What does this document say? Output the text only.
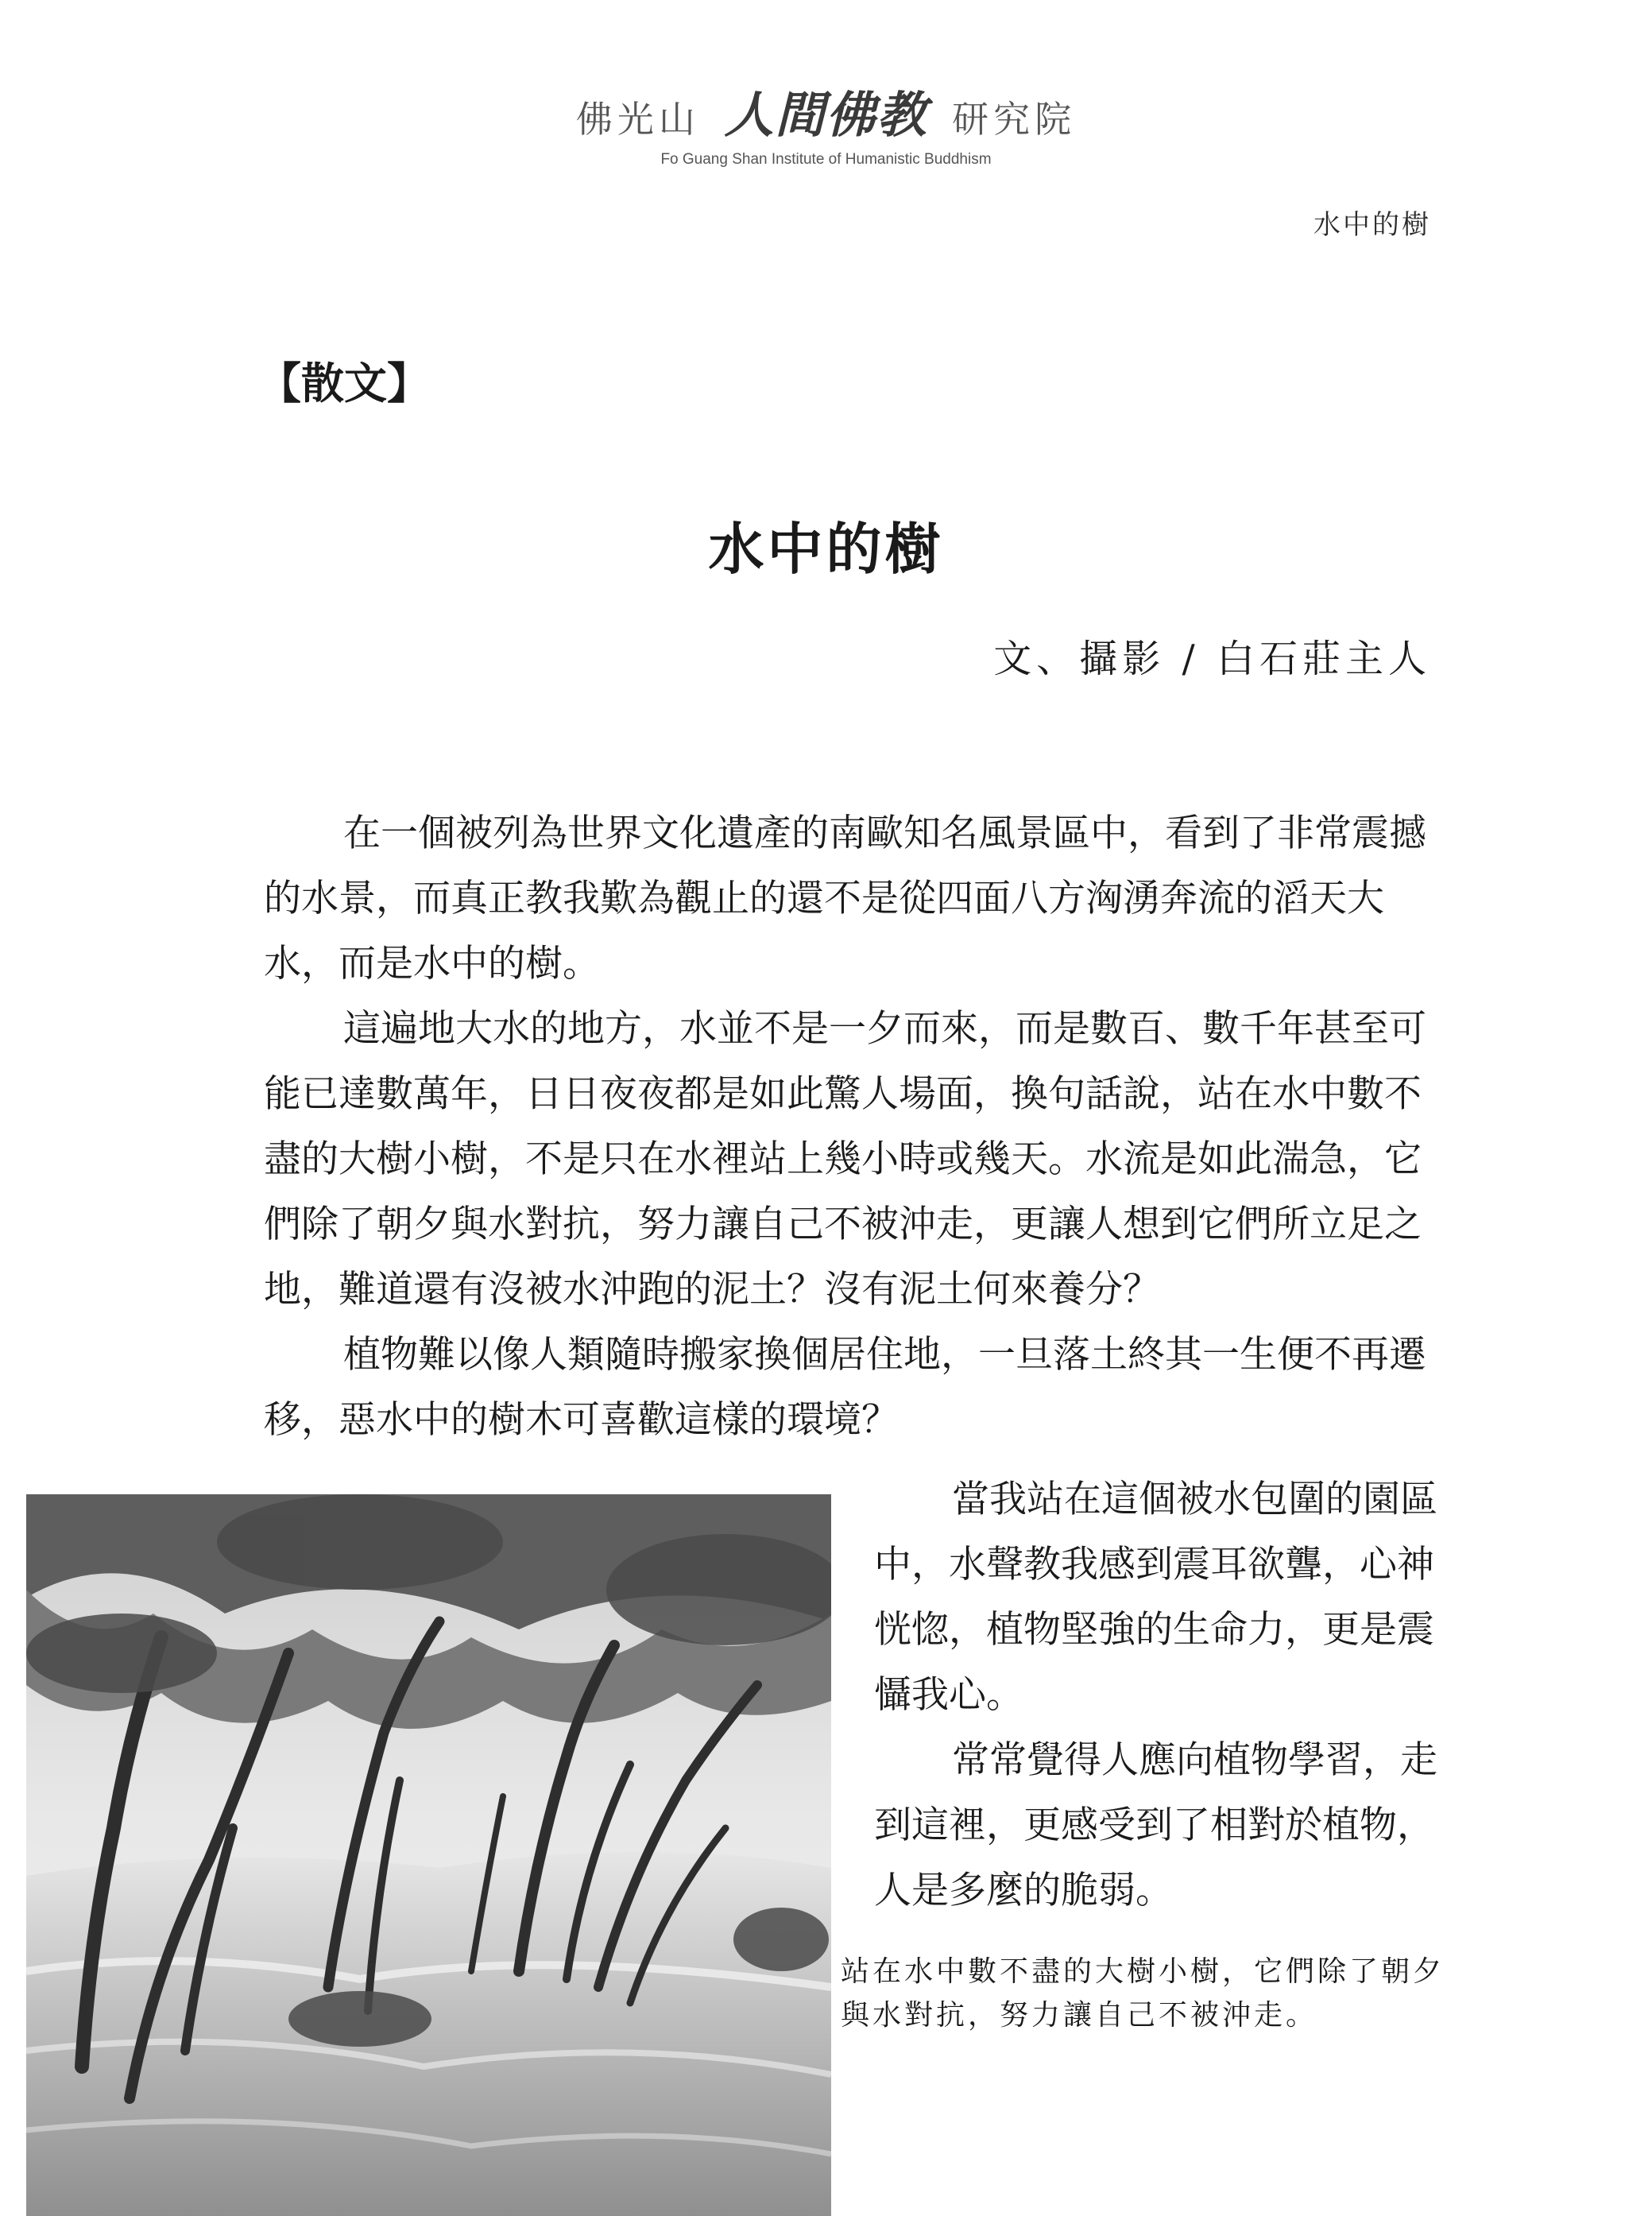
佛光山 人間佛教 研究院
Fo Guang Shan Institute of Humanistic Buddhism
水中的樹
【散文】
水中的樹
文、攝影 / 白石莊主人

在一個被列為世界文化遺產的南歐知名風景區中，看到了非常震撼的水景，而真正教我歎為觀止的還不是從四面八方洶湧奔流的滔天大水，而是水中的樹。

這遍地大水的地方，水並不是一夕而來，而是數百、數千年甚至可能已達數萬年，日日夜夜都是如此驚人場面，換句話說，站在水中數不盡的大樹小樹，不是只在水裡站上幾小時或幾天。水流是如此湍急，它們除了朝夕與水對抗，努力讓自己不被沖走，更讓人想到它們所立足之地，難道還有沒被水沖跑的泥土？沒有泥土何來養分？

植物難以像人類隨時搬家換個居住地，一旦落土終其一生便不再遷移，惡水中的樹木可喜歡這樣的環境？

當我站在這個被水包圍的園區中，水聲教我感到震耳欲聾，心神恍惚，植物堅強的生命力，更是震懾我心。

常常覺得人應向植物學習，走到這裡，更感受到了相對於植物，人是多麼的脆弱。

站在水中數不盡的大樹小樹，它們除了朝夕與水對抗，努力讓自己不被沖走。
